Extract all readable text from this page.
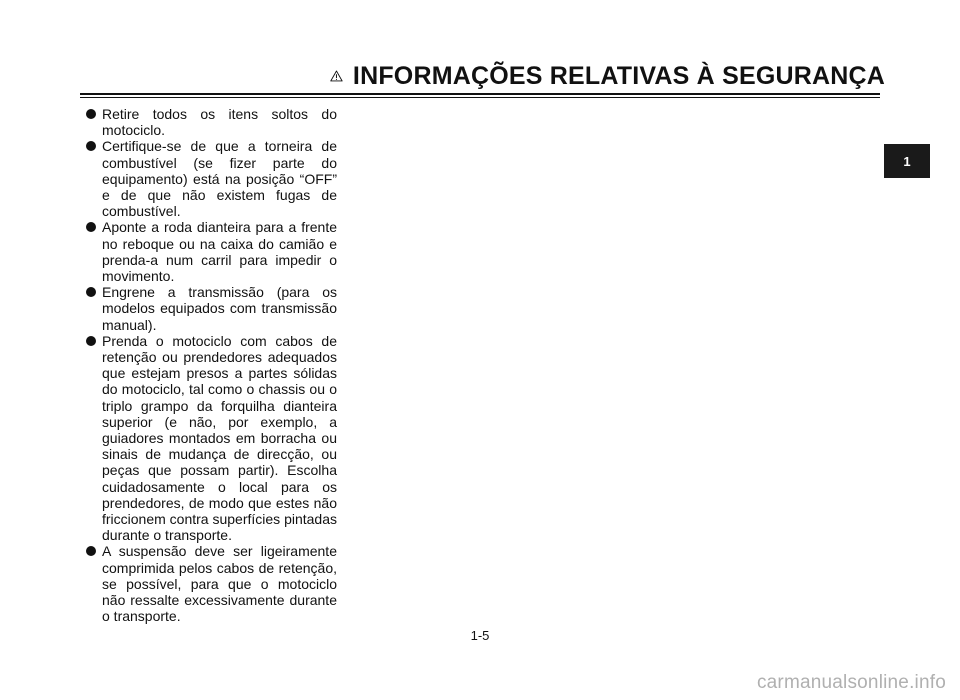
INFORMAÇÕES RELATIVAS À SEGURANÇA

Retire todos os itens soltos do motociclo.

Certifique-se de que a torneira de combustível (se fizer parte do equipamento) está na posição “OFF” e de que não existem fugas de combustível.

Aponte a roda dianteira para a frente no reboque ou na caixa do camião e prenda-a num carril para impedir o movimento.

Engrene a transmissão (para os modelos equipados com transmissão manual).

Prenda o motociclo com cabos de retenção ou prendedores adequados que estejam presos a partes sólidas do motociclo, tal como o chassis ou o triplo grampo da forquilha dianteira superior (e não, por exemplo, a guiadores montados em borracha ou sinais de mudança de direcção, ou peças que possam partir). Escolha cuidadosamente o local para os prendedores, de modo que estes não friccionem contra superfícies pintadas durante o transporte.

A suspensão deve ser ligeiramente comprimida pelos cabos de retenção, se possível, para que o motociclo não ressalte excessivamente durante o transporte.

1
1-5
carmanualsonline.info
